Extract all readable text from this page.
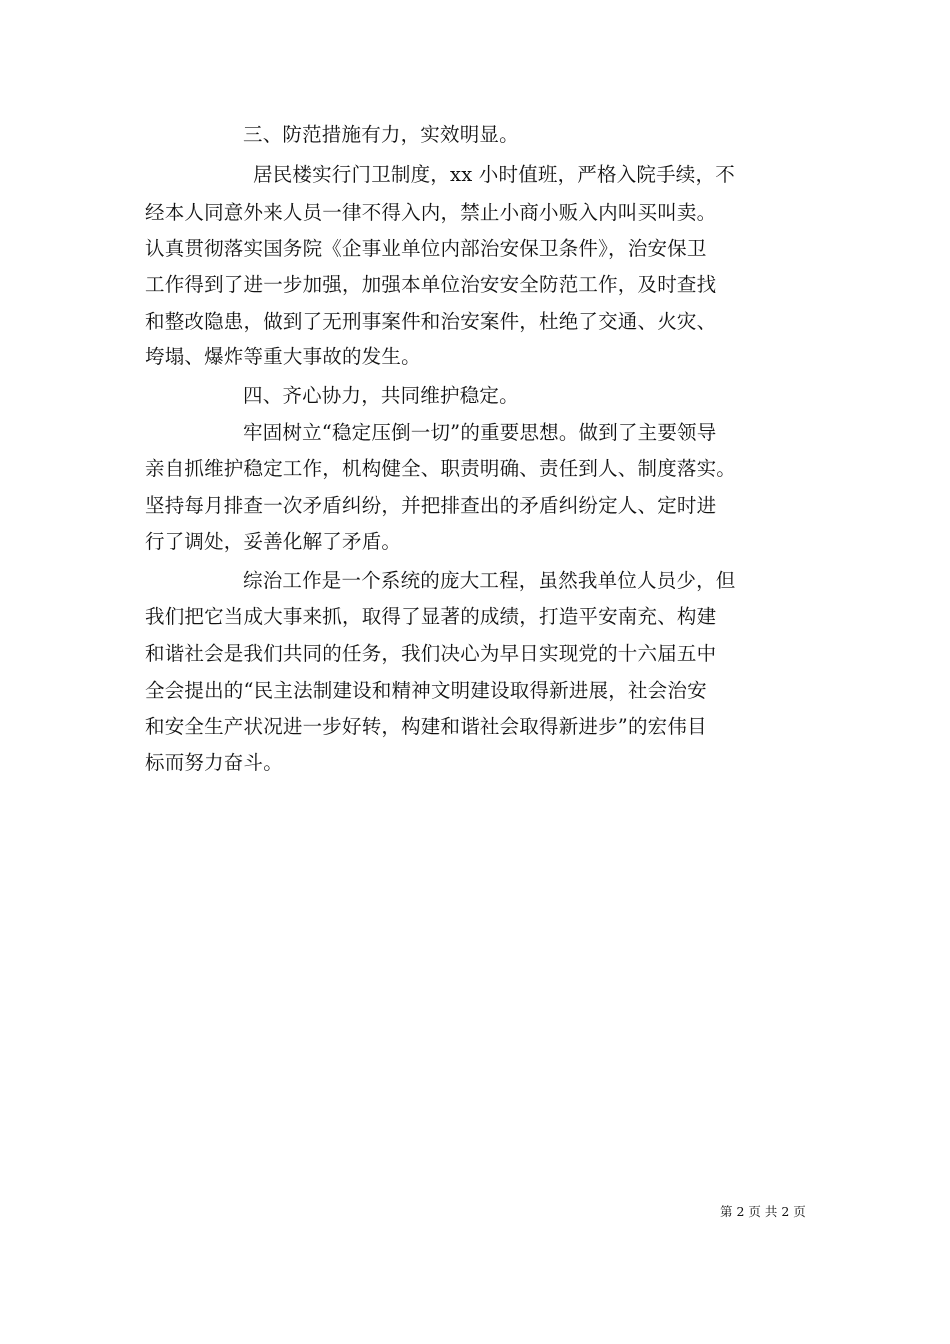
三、防范措施有力，实效明显。
居民楼实行门卫制度，xx 小时值班，严格入院手续，不
经本人同意外来人员一律不得入内，禁止小商小贩入内叫买叫卖。
认真贯彻落实国务院《企事业单位内部治安保卫条件》，治安保卫
工作得到了进一步加强，加强本单位治安安全防范工作，及时查找
和整改隐患，做到了无刑事案件和治安案件，杜绝了交通、火灾、
垮塌、爆炸等重大事故的发生。
四、齐心协力，共同维护稳定。
牢固树立“稳定压倒一切”的重要思想。做到了主要领导
亲自抓维护稳定工作，机构健全、职责明确、责任到人、制度落实。
坚持每月排查一次矛盾纠纷，并把排查出的矛盾纠纷定人、定时进
行了调处，妥善化解了矛盾。
综治工作是一个系统的庞大工程，虽然我单位人员少，但
我们把它当成大事来抓，取得了显著的成绩，打造平安南充、构建
和谐社会是我们共同的任务，我们决心为早日实现党的十六届五中
全会提出的“民主法制建设和精神文明建设取得新进展，社会治安
和安全生产状况进一步好转，构建和谐社会取得新进步”的宏伟目
标而努力奋斗。
第 2 页 共 2 页
